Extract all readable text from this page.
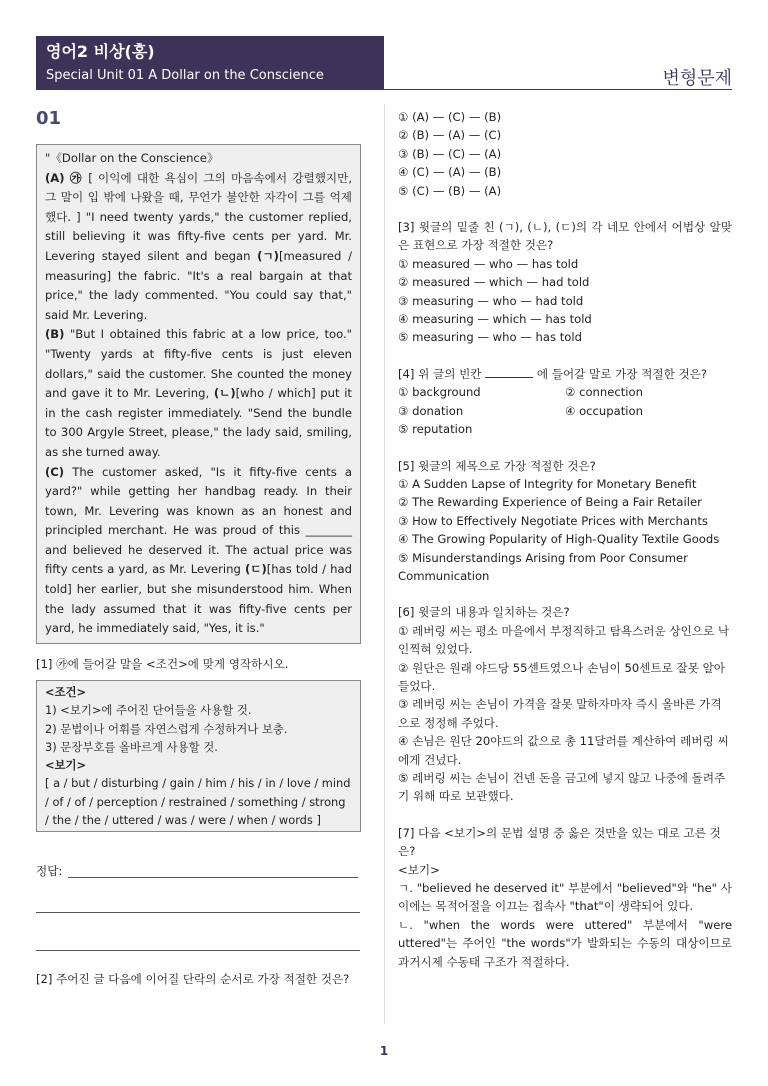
영어2 비상(홍)
Special Unit 01 A Dollar on the Conscience	변형문제
01

"《Dollar on the Conscience》

(A) ㉮ [ 이익에 대한 욕심이 그의 마음속에서 강렬했지만, 그 말이 입 밖에 나왔을 때, 무언가 불안한 자각이 그를 억제했다. ] "I need twenty yards," the customer replied, still believing it was fifty-five cents per yard. Mr. Levering stayed silent and began (ㄱ)[measured / measuring] the fabric. "It's a real bargain at that price," the lady commented. "You could say that," said Mr. Levering.

(B) "But I obtained this fabric at a low price, too." "Twenty yards at fifty-five cents is just eleven dollars," said the customer. She counted the money and gave it to Mr. Levering, (ㄴ)[who / which] put it in the cash register immediately. "Send the bundle to 300 Argyle Street, please," the lady said, smiling, as she turned away.

(C) The customer asked, "Is it fifty-five cents a yard?" while getting her handbag ready. In their town, Mr. Levering was known as an honest and principled merchant. He was proud of this ________ and believed he deserved it. The actual price was fifty cents a yard, as Mr. Levering (ㄷ)[has told / had told] her earlier, but she misunderstood him. When the lady assumed that it was fifty-five cents per yard, he immediately said, "Yes, it is."

[1] ㉮에 들어갈 말을 <조건>에 맞게 영작하시오.
<조건>
1) <보기>에 주어진 단어들을 사용할 것.
2) 문법이나 어휘를 자연스럽게 수정하거나 보충.
3) 문장부호를 올바르게 사용할 것.
<보기>
[ a / but / disturbing / gain / him / his / in / love / mind / of / of / perception / restrained / something / strong / the / the / uttered / was / were / when / words ]
정답:
[2] 주어진 글 다음에 이어질 단락의 순서로 가장 적절한 것은?

① (A) — (C) — (B)

② (B) — (A) — (C)

③ (B) — (C) — (A)

④ (C) — (A) — (B)

⑤ (C) — (B) — (A)

[3] 윗글의 밑줄 친 (ㄱ), (ㄴ), (ㄷ)의 각 네모 안에서 어법상 알맞은 표현으로 가장 적절한 것은?

① measured — who — has told

② measured — which — had told

③ measuring — who — had told

④ measuring — which — has told

⑤ measuring — who — has told

[4] 위 글의 빈칸	에 들어갈 말로 가장 적절한 것은?

① background	② connection
③ donation	④ occupation

⑤ reputation

[5] 윗글의 제목으로 가장 적절한 것은?

① A Sudden Lapse of Integrity for Monetary Benefit

② The Rewarding Experience of Being a Fair Retailer

③ How to Effectively Negotiate Prices with Merchants

④ The Growing Popularity of High-Quality Textile Goods

⑤ Misunderstandings Arising from Poor Consumer Communication

[6] 윗글의 내용과 일치하는 것은?

① 레버링 씨는 평소 마을에서 부정직하고 탐욕스러운 상인으로 낙인찍혀 있었다.

② 원단은 원래 야드당 55센트였으나 손님이 50센트로 잘못 알아들었다.

③ 레버링 씨는 손님이 가격을 잘못 말하자마자 즉시 올바른 가격으로 정정해 주었다.

④ 손님은 원단 20야드의 값으로 총 11달러를 계산하여 레버링 씨에게 건넜다.

⑤ 레버링 씨는 손님이 건넨 돈을 금고에 넣지 않고 나중에 돌려주기 위해 따로 보관했다.

[7] 다음 <보기>의 문법 설명 중 옳은 것만을 있는 대로 고른 것은?

<보기>

ㄱ. "believed he deserved it" 부분에서 "believed"와 "he" 사이에는 목적어절을 이끄는 접속사 "that"이 생략되어 있다.

ㄴ. "when the words were uttered" 부분에서 "were uttered"는 주어인 "the words"가 발화되는 수동의 대상이므로 과거시제 수동태 구조가 적절하다.

1
